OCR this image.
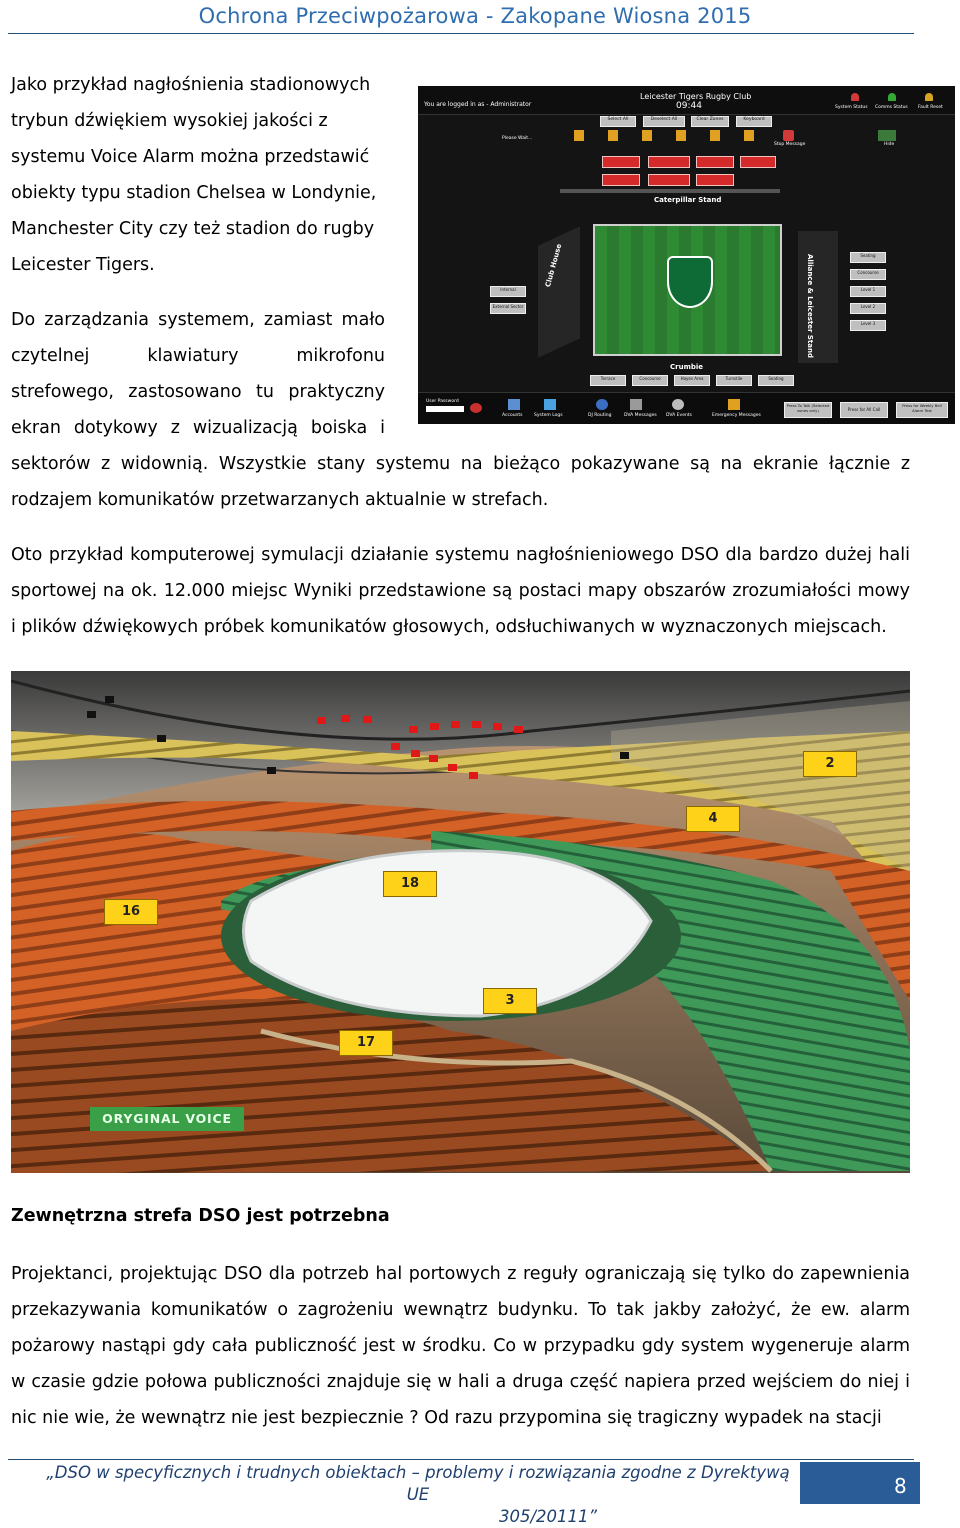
Ochrona Przeciwpożarowa - Zakopane Wiosna 2015

Jako przykład nagłośnienia stadionowych

trybun dźwiękiem wysokiej jakości z

systemu Voice Alarm można przedstawić

obiekty typu stadion Chelsea w Londynie,

Manchester City czy też stadion do rugby

Leicester Tigers.

Do zarządzania systemem, zamiast mało

czytelnej klawiatury mikrofonu

strefowego, zastosowano tu praktyczny

ekran dotykowy z wizualizacją boiska i

sektorów z widownią. Wszystkie stany systemu na bieżąco pokazywane są na ekranie łącznie z rodzajem komunikatów przetwarzanych aktualnie w strefach.

Oto przykład komputerowej symulacji działanie systemu nagłośnieniowego DSO dla bardzo dużej hali sportowej na ok. 12.000 miejsc Wyniki przedstawione są postaci mapy obszarów zrozumiałości mowy i plików dźwiękowych próbek komunikatów głosowych, odsłuchiwanych w wyznaczonych miejscach.

You are logged in as - Administrator
Leicester Tigers Rugby Club
09:44	System Status Comms Status Fault Reset
Select All	Deselect All	Clear Zones	Keyboard
Please Wait...
Stop Message	Hide
Caterpillar Stand
Club House	Alliance & Leicester Stand
Crumbie
Internal
External Sector
Seating
Concourse
Level 1
Level 2
Level 3
Terrace	Concourse	Hayes Area	Turnstile	Seating
User Password
Accounts	System Logs	DJ Routing	DVA Messages DVA Events	Emergency Messages
Press To Talk (Selected zones only)	Press for All Call
Press for Weekly Bell Alarm Test
2
4
18
16
3
17
ORYGINAL VOICE
Zewnętrzna strefa DSO jest potrzebna

Projektanci, projektując DSO dla potrzeb hal portowych z reguły ograniczają się tylko do zapewnienia przekazywania komunikatów o zagrożeniu wewnątrz budynku. To tak jakby założyć, że ew. alarm pożarowy nastąpi gdy cała publiczność jest w środku. Co w przypadku gdy system wygeneruje alarm w czasie gdzie połowa publiczności znajduje się w hali a druga część napiera przed wejściem do niej i nic nie wie, że wewnątrz nie jest bezpiecznie ? Od razu przypomina się tragiczny wypadek na stacji

„DSO w specyficznych i trudnych obiektach – problemy i rozwiązania zgodne z Dyrektywą UE
305/20111”
8
